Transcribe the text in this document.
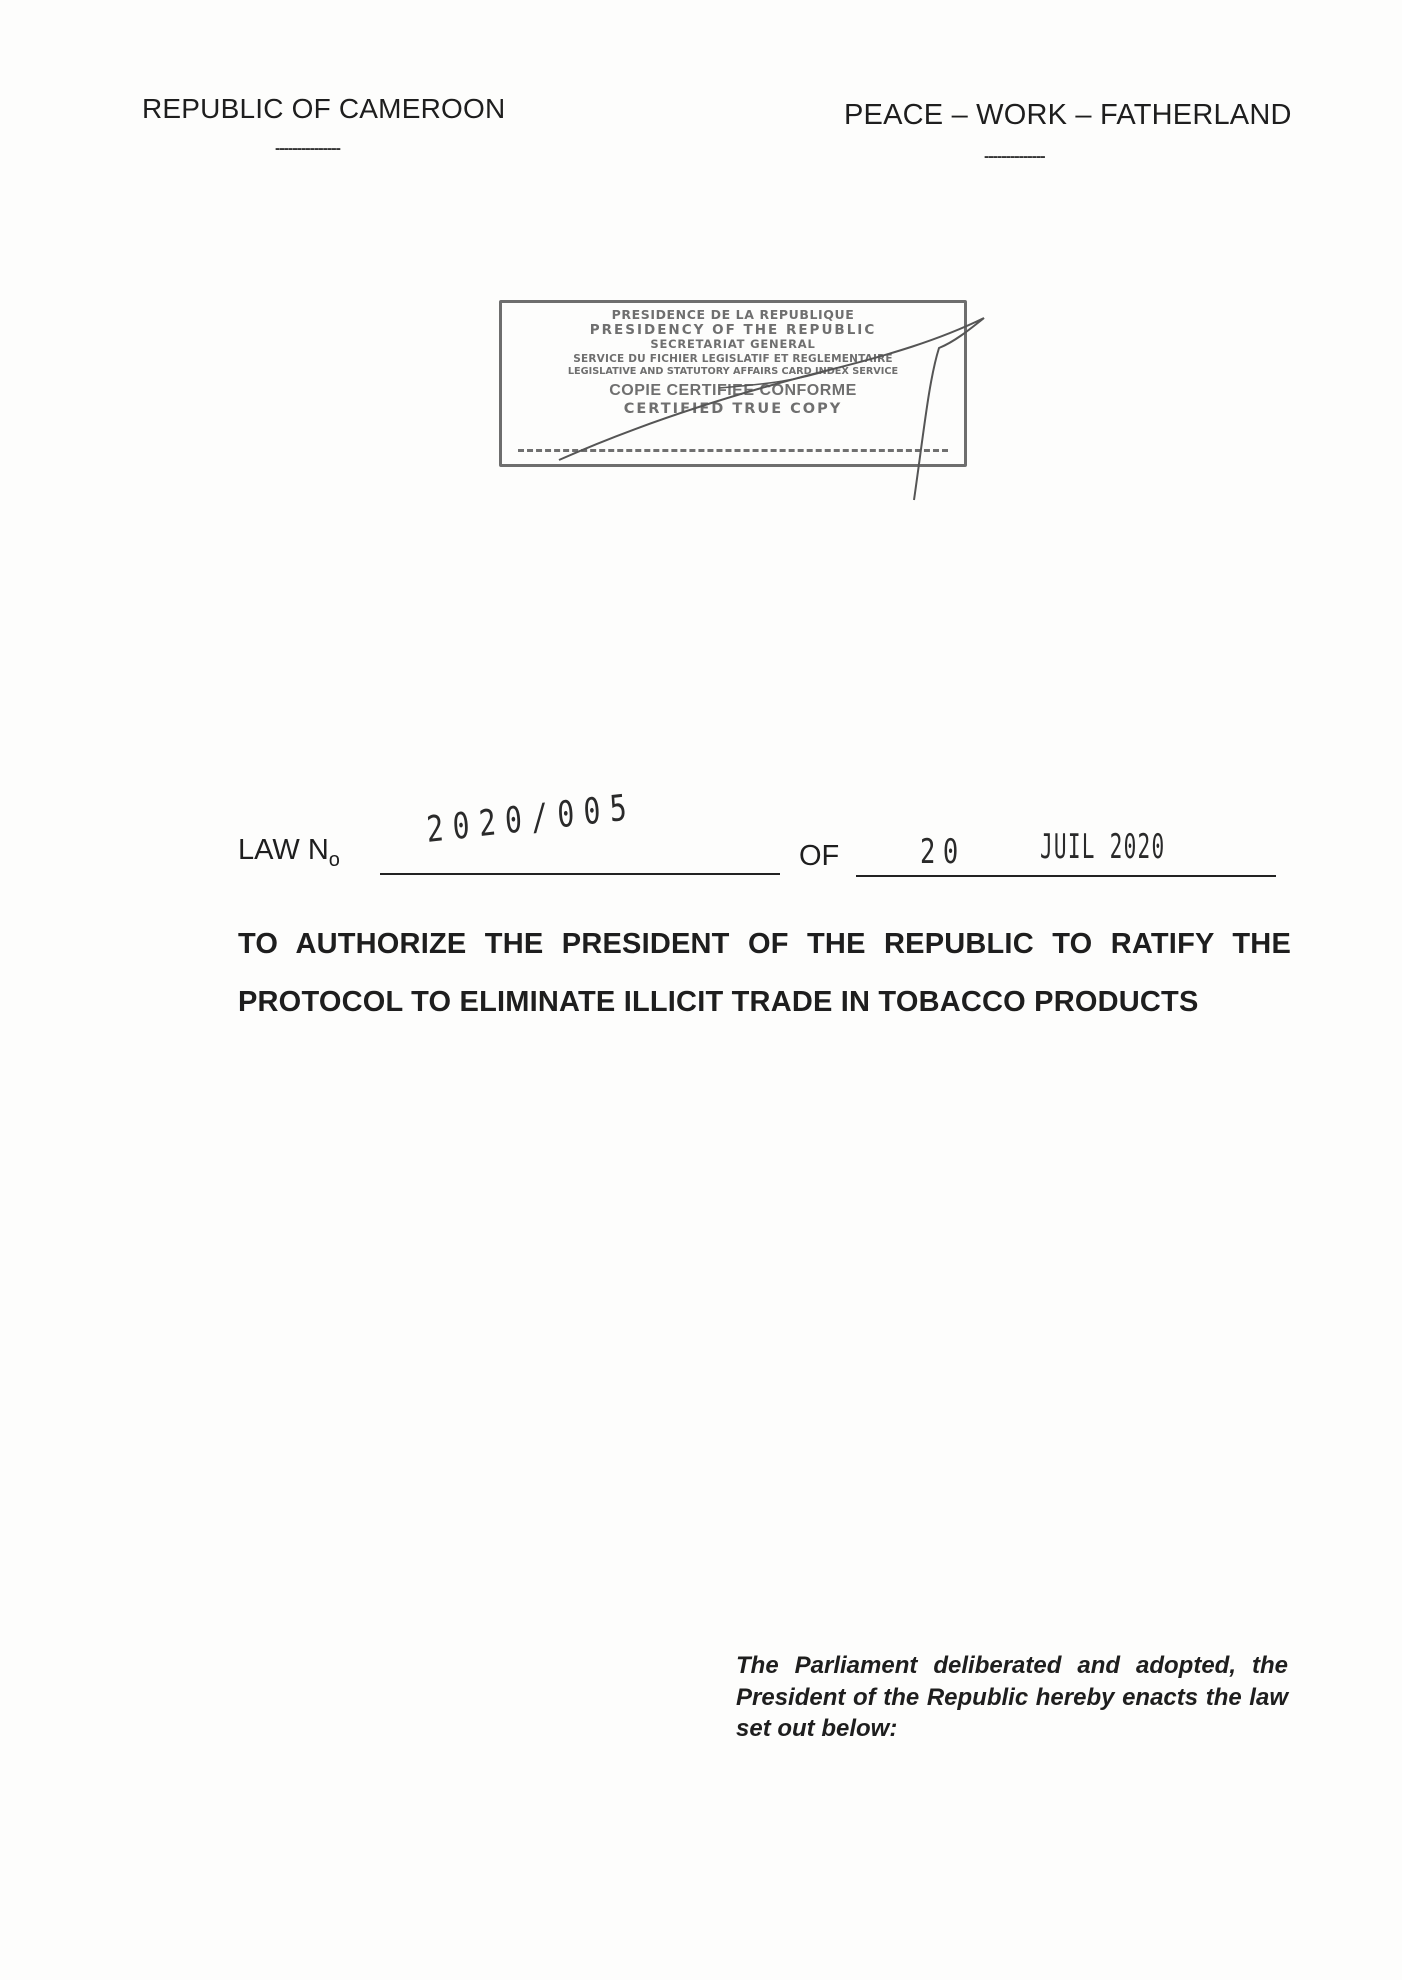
REPUBLIC OF CAMEROON
---------------
PEACE – WORK – FATHERLAND
--------------
PRESIDENCE DE LA REPUBLIQUE
PRESIDENCY OF THE REPUBLIC
SECRETARIAT GENERAL
SERVICE DU FICHIER LEGISLATIF ET REGLEMENTAIRE
LEGISLATIVE AND STATUTORY AFFAIRS CARD INDEX SERVICE
COPIE CERTIFIEE CONFORME
CERTIFIED TRUE COPY
LAW $N_o$
2020/005
OF 20 JUIL 2020
TO AUTHORIZE THE PRESIDENT OF THE REPUBLIC TO RATIFY THE PROTOCOL TO ELIMINATE ILLICIT TRADE IN TOBACCO PRODUCTS
The Parliament deliberated and adopted, the President of the Republic hereby enacts the law set out below:
